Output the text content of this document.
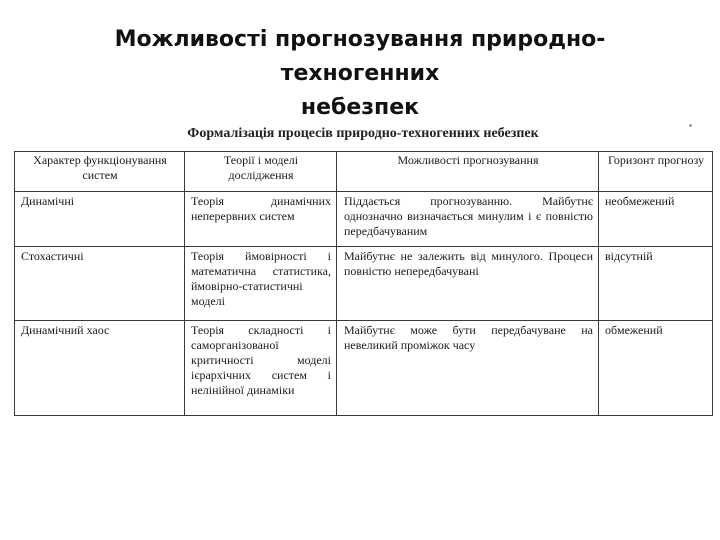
Можливості прогнозування природно-техногенних
небезпек
Формалізація процесів природно-техногенних небезпек
Характер функціонування систем	Теорії і моделі дослідження	Можливості прогнозування	Горизонт прогнозу
Динамічні	Теорія динамічних неперервних систем	Піддається прогнозуванню. Майбутнє однозначно визначається минулим і є повністю передбачуваним	необмежений
Стохастичні	Теорія ймовірності і математична статистика, ймовірно-статистичні моделі	Майбутнє не залежить від минулого. Процеси повністю непередбачувані	відсутній
Динамічний хаос	Теорія складності і саморганізованої критичності моделі ієрархічних систем і нелінійної динаміки	Майбутнє може бути передбачуване на невеликий проміжок часу	обмежений
